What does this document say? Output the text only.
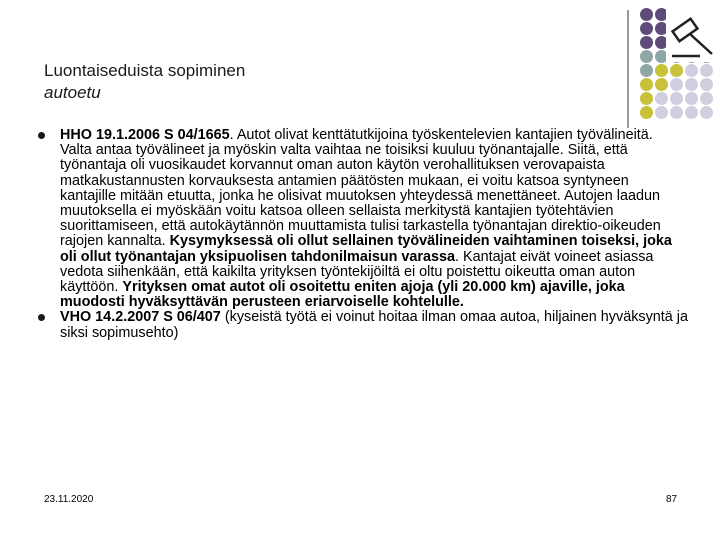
Luontaiseduista sopiminen
autoetu
HHO 19.1.2006 S 04/1665. Autot olivat kenttätutkijoina työskentelevien kantajien työvälineitä. Valta antaa työvälineet ja myöskin valta vaihtaa ne toisiksi kuuluu työnantajalle. Siitä, että työnantaja oli vuosikaudet korvannut oman auton käytön verohallituksen verovapaista matkakustannusten korvauksesta antamien päätösten mukaan, ei voitu katsoa syntyneen kantajille mitään etuutta, jonka he olisivat muutoksen yhteydessä menettäneet. Autojen laadun muutoksella ei myöskään voitu katsoa olleen sellaista merkitystä kantajien työtehtävien suorittamiseen, että autokäytännön muuttamista tulisi tarkastella työnantajan direktio-oikeuden rajojen kannalta. Kysymyksessä oli ollut sellainen työvälineiden vaihtaminen toiseksi, joka oli ollut työnantajan yksipuolisen tahdonilmaisun varassa. Kantajat eivät voineet asiassa vedota siihenkään, että kaikilta yrityksen työntekijöiltä ei oltu poistettu oikeutta oman auton käyttöön. Yrityksen omat autot oli osoitettu eniten ajoja (yli 20.000 km) ajaville, joka muodosti hyväksyttävän perusteen eriarvoiselle kohtelulle.
VHO 14.2.2007 S 06/407 (kyseistä työtä ei voinut hoitaa ilman omaa autoa, hiljainen hyväksyntä ja siksi sopimusehto)
23.11.2020	87
